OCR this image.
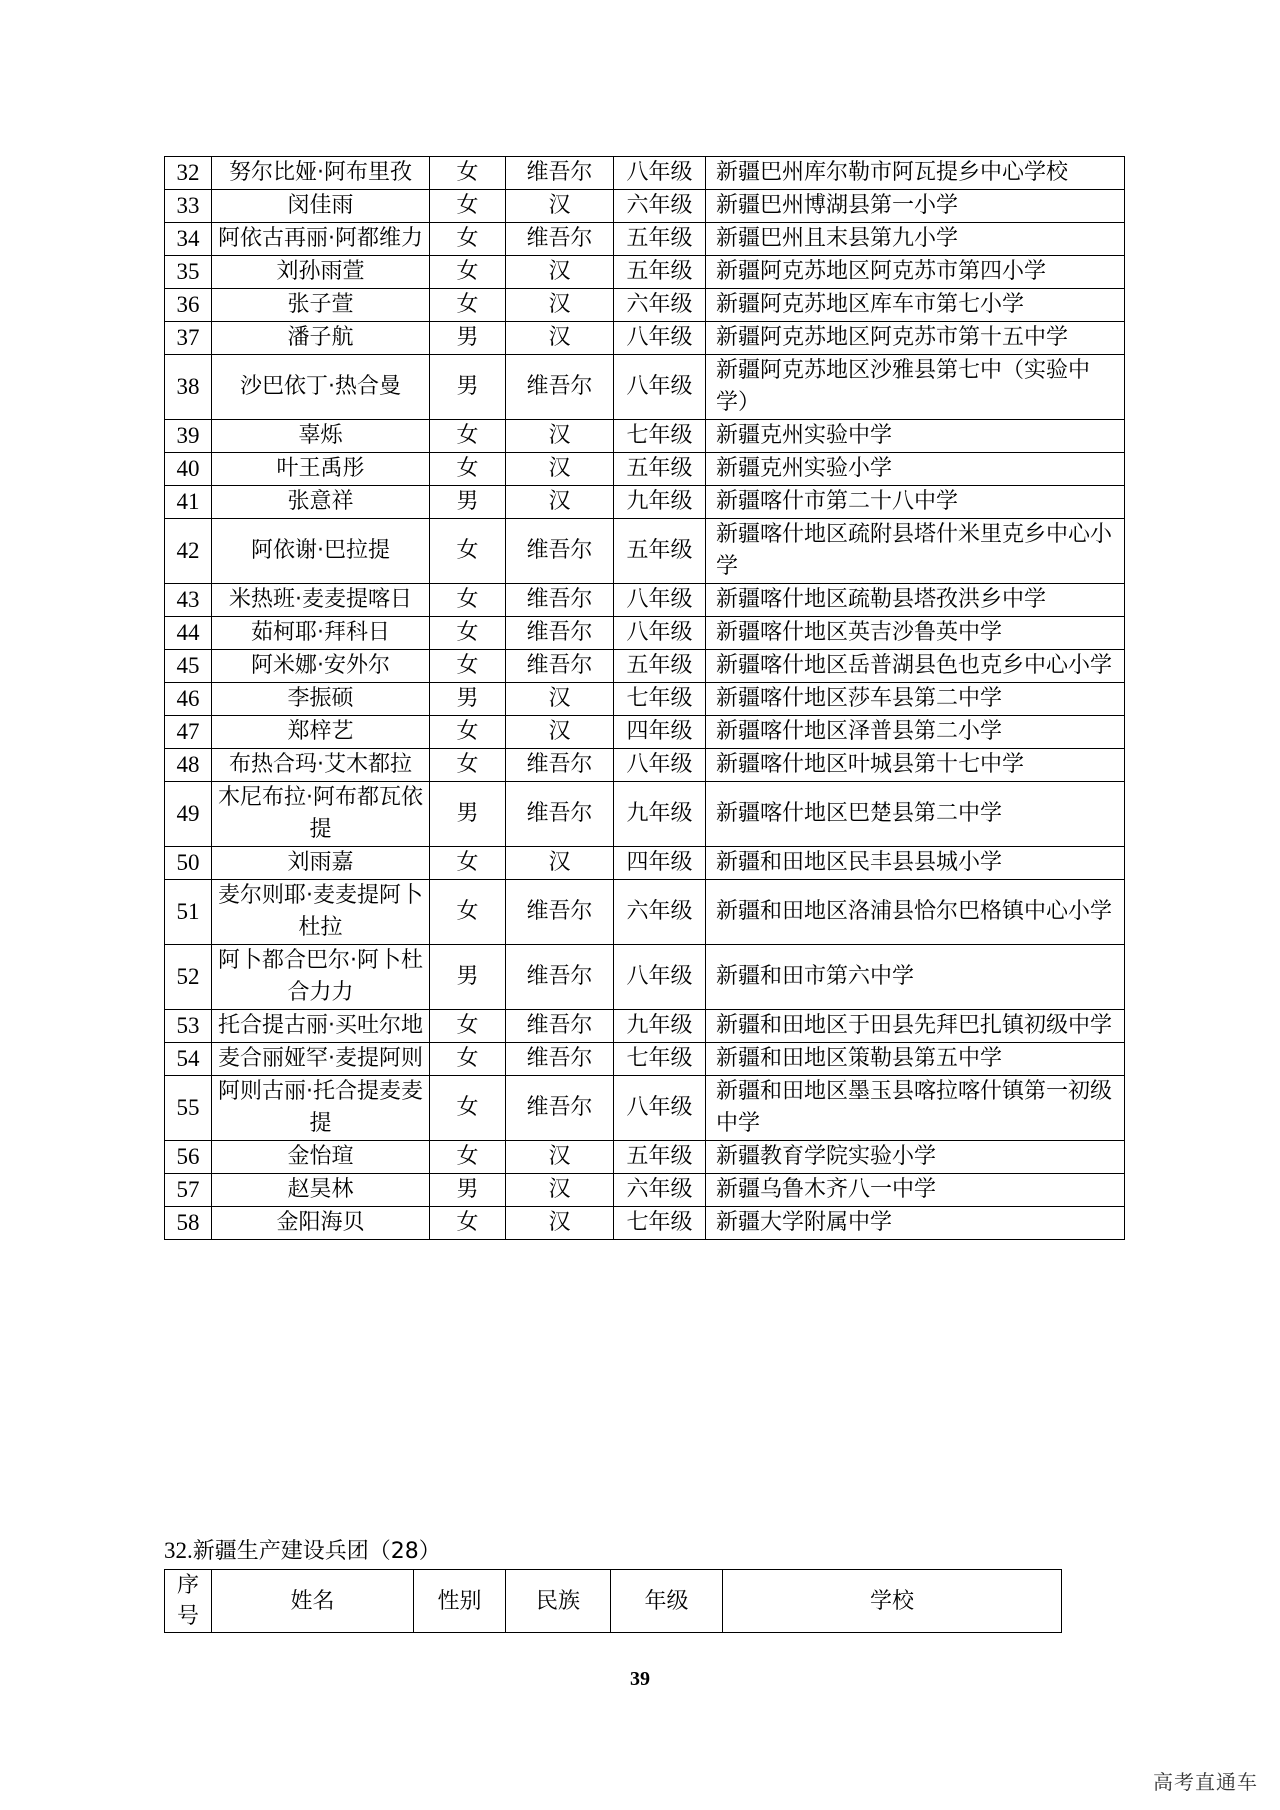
32	努尔比娅·阿布里孜	女	维吾尔	八年级	新疆巴州库尔勒市阿瓦提乡中心学校
33	闵佳雨	女	汉	六年级	新疆巴州博湖县第一小学
34	阿依古再丽·阿都维力	女	维吾尔	五年级	新疆巴州且末县第九小学
35	刘孙雨萱	女	汉	五年级	新疆阿克苏地区阿克苏市第四小学
36	张子萱	女	汉	六年级	新疆阿克苏地区库车市第七小学
37	潘子航	男	汉	八年级	新疆阿克苏地区阿克苏市第十五中学
38	沙巴依丁·热合曼	男	维吾尔	八年级	新疆阿克苏地区沙雅县第七中（实验中学）
39	辜烁	女	汉	七年级	新疆克州实验中学
40	叶王禹彤	女	汉	五年级	新疆克州实验小学
41	张意祥	男	汉	九年级	新疆喀什市第二十八中学
42	阿依谢·巴拉提	女	维吾尔	五年级	新疆喀什地区疏附县塔什米里克乡中心小学
43	米热班·麦麦提喀日	女	维吾尔	八年级	新疆喀什地区疏勒县塔孜洪乡中学
44	茹柯耶·拜科日	女	维吾尔	八年级	新疆喀什地区英吉沙鲁英中学
45	阿米娜·安外尔	女	维吾尔	五年级	新疆喀什地区岳普湖县色也克乡中心小学
46	李振硕	男	汉	七年级	新疆喀什地区莎车县第二中学
47	郑梓艺	女	汉	四年级	新疆喀什地区泽普县第二小学
48	布热合玛·艾木都拉	女	维吾尔	八年级	新疆喀什地区叶城县第十七中学
49	木尼布拉·阿布都瓦依提	男	维吾尔	九年级	新疆喀什地区巴楚县第二中学
50	刘雨嘉	女	汉	四年级	新疆和田地区民丰县县城小学
51	麦尔则耶·麦麦提阿卜杜拉	女	维吾尔	六年级	新疆和田地区洛浦县恰尔巴格镇中心小学
52	阿卜都合巴尔·阿卜杜合力力	男	维吾尔	八年级	新疆和田市第六中学
53	托合提古丽·买吐尔地	女	维吾尔	九年级	新疆和田地区于田县先拜巴扎镇初级中学
54	麦合丽娅罕·麦提阿则	女	维吾尔	七年级	新疆和田地区策勒县第五中学
55	阿则古丽·托合提麦麦提	女	维吾尔	八年级	新疆和田地区墨玉县喀拉喀什镇第一初级中学
56	金怡瑄	女	汉	五年级	新疆教育学院实验小学
57	赵昊林	男	汉	六年级	新疆乌鲁木齐八一中学
58	金阳海贝	女	汉	七年级	新疆大学附属中学
32.新疆生产建设兵团（28）
序号	姓名	性别	民族	年级	学校
39
高考直通车
